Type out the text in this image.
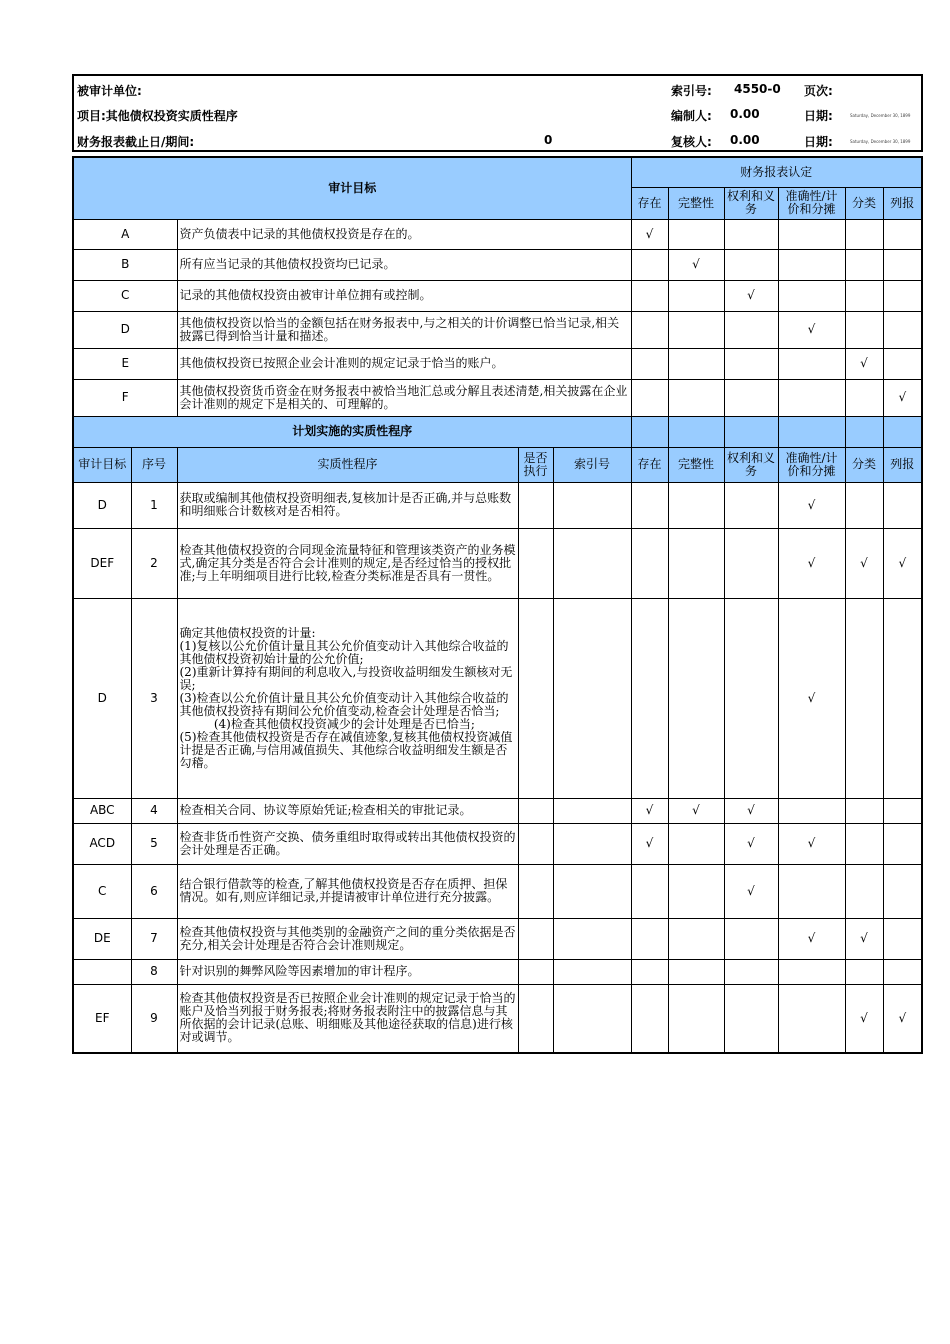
被审计单位:
项目:其他债权投资实质性程序
财务报表截止日/期间:	0
索引号: 4550-0 页次:
编制人: 0.00	日期:	Saturday, December 30, 1899
复核人: 0.00	日期:	Saturday, December 30, 1899
审计目标					财务报表认定					
					存在	完整性	权利和义务	准确性/计价和分摊	分类	列报
A		资产负债表中记录的其他债权投资是存在的。			√					
B		所有应当记录的其他债权投资均已记录。				√				
C		记录的其他债权投资由被审计单位拥有或控制。					√			
D		其他债权投资以恰当的金额包括在财务报表中,与之相关的计价调整已恰当记录,相关披露已得到恰当计量和描述。						√		
E		其他债权投资已按照企业会计准则的规定记录于恰当的账户。							√	
F		其他债权投资货币资金在财务报表中被恰当地汇总或分解且表述清楚,相关披露在企业会计准则的规定下是相关的、可理解的。								√
计划实施的实质性程序										
审计目标	序号	实质性程序	是否执行	索引号	存在	完整性	权利和义务	准确性/计价和分摊	分类	列报
D	1	获取或编制其他债权投资明细表,复核加计是否正确,并与总账数和明细账合计数核对是否相符。						√		
DEF	2	检查其他债权投资的合同现金流量特征和管理该类资产的业务模式,确定其分类是否符合会计准则的规定,是否经过恰当的授权批准;与上年明细项目进行比较,检查分类标准是否具有一贯性。						√	√	√
D	3	确定其他债权投资的计量:
(1)复核以公允价值计量且其公允价值变动计入其他综合收益的其他债权投资初始计量的公允价值;
(2)重新计算持有期间的利息收入,与投资收益明细发生额核对无误;
(3)检查以公允价值计量且其公允价值变动计入其他综合收益的其他债权投资持有期间公允价值变动,检查会计处理是否恰当;
(4)检查其他债权投资减少的会计处理是否已恰当;        (5)检查其他债权投资是否存在减值迹象,复核其他债权投资减值计提是否正确,与信用减值损失、其他综合收益明细发生额是否勾稽。						√		
ABC	4	检查相关合同、协议等原始凭证;检查相关的审批记录。			√	√	√			
ACD	5	检查非货币性资产交换、债务重组时取得或转出其他债权投资的会计处理是否正确。			√		√	√		
C	6	结合银行借款等的检查,了解其他债权投资是否存在质押、担保情况。如有,则应详细记录,并提请被审计单位进行充分披露。					√			
DE	7	检查其他债权投资与其他类别的金融资产之间的重分类依据是否充分,相关会计处理是否符合会计准则规定。						√	√	
	8	针对识别的舞弊风险等因素增加的审计程序。								
EF	9	检查其他债权投资是否已按照企业会计准则的规定记录于恰当的账户及恰当列报于财务报表;将财务报表附注中的披露信息与其所依据的会计记录(总账、明细账及其他途径获取的信息)进行核对或调节。							√	√
